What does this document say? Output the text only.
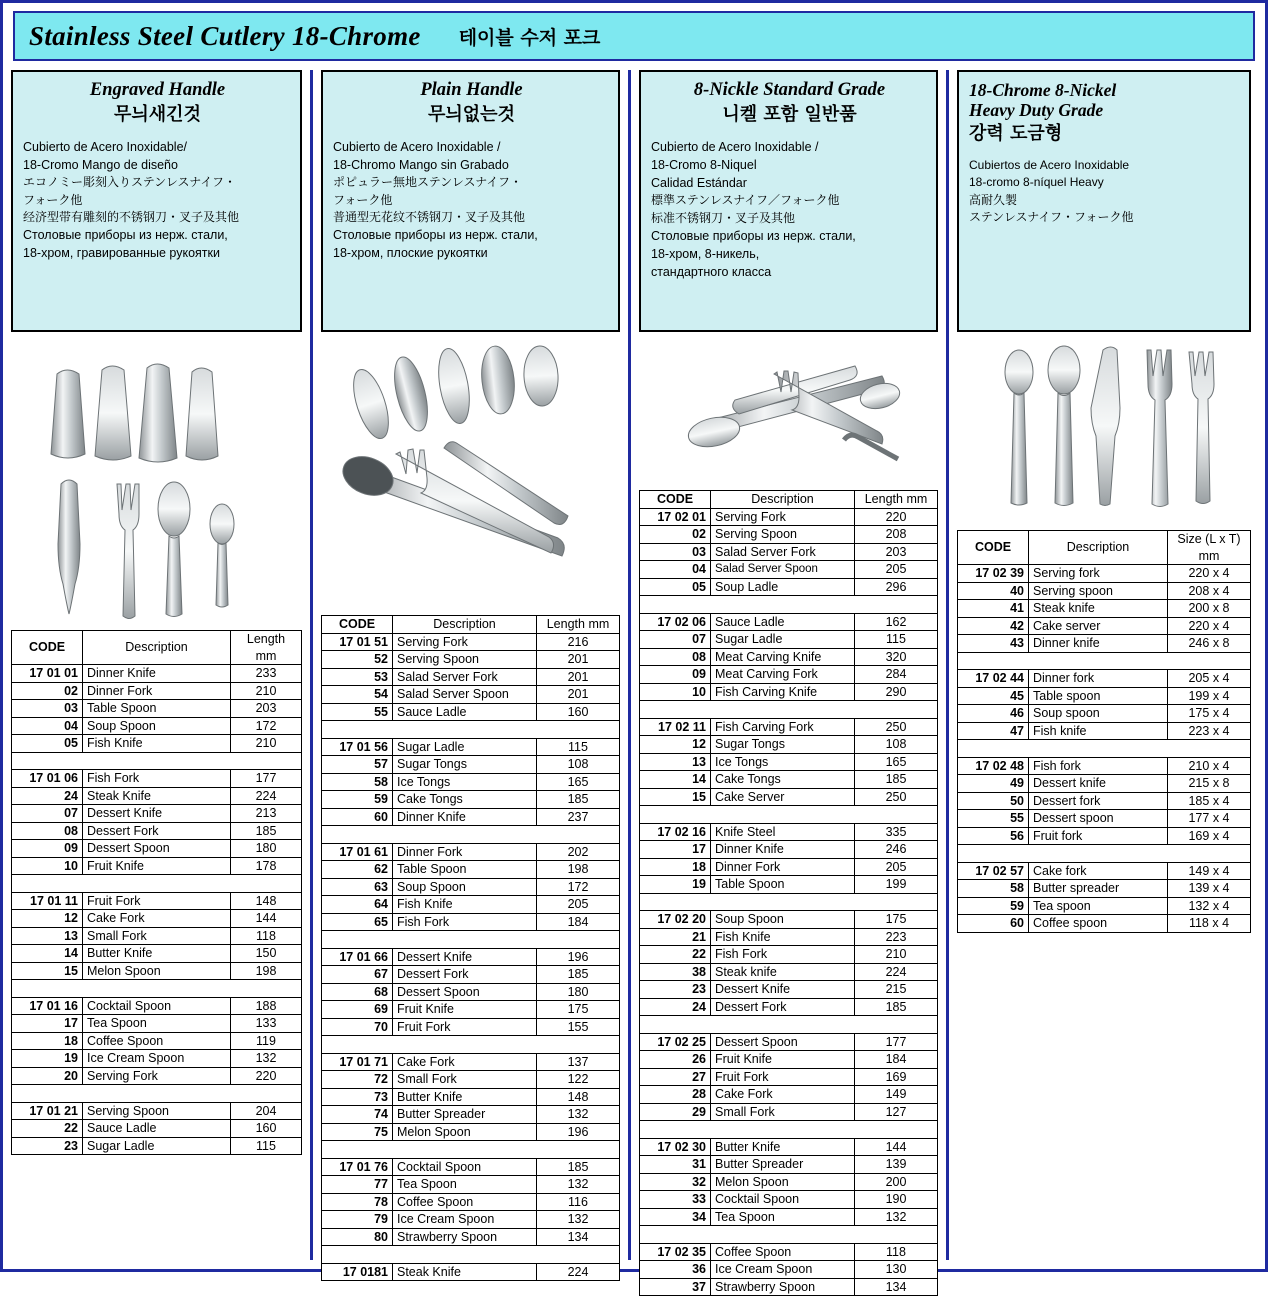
Stainless Steel Cutlery 18-Chrome 테이블 수저 포크
Engraved Handle
무늬새긴것
Cubierto de Acero Inoxidable/
18-Cromo Mango de diseño
エコノミー彫刻入りステンレスナイフ・
フォーク他
经济型带有雕刻的不锈钢刀・叉子及其他
Столовые приборы из нерж. стали,
18-хром, гравированные рукоятки
CODE	Description	Length mm
17 01 01	Dinner Knife	233
02	Dinner Fork	210
03	Table Spoon	203
04	Soup Spoon	172
05	Fish Knife	210

17 01 06	Fish Fork	177
24	Steak Knife	224
07	Dessert Knife	213
08	Dessert Fork	185
09	Dessert Spoon	180
10	Fruit Knife	178

17 01 11	Fruit Fork	148
12	Cake Fork	144
13	Small Fork	118
14	Butter Knife	150
15	Melon Spoon	198

17 01 16	Cocktail Spoon	188
17	Tea Spoon	133
18	Coffee Spoon	119
19	Ice Cream Spoon	132
20	Serving Fork	220

17 01 21	Serving Spoon	204
22	Sauce Ladle	160
23	Sugar Ladle	115
Plain Handle
무늬없는것
Cubierto de Acero Inoxidable /
18-Chromo Mango sin Grabado
ポピュラー無地ステンレスナイフ・
フォーク他
普通型无花纹不锈钢刀・叉子及其他
Столовые приборы из нерж. стали,
18-хром, плоские рукоятки
CODE	Description	Length mm
17 01 51	Serving Fork	216
52	Serving Spoon	201
53	Salad Server Fork	201
54	Salad Server Spoon	201
55	Sauce Ladle	160

17 01 56	Sugar Ladle	115
57	Sugar Tongs	108
58	Ice Tongs	165
59	Cake Tongs	185
60	Dinner Knife	237

17 01 61	Dinner Fork	202
62	Table Spoon	198
63	Soup Spoon	172
64	Fish Knife	205
65	Fish Fork	184

17 01 66	Dessert Knife	196
67	Dessert Fork	185
68	Dessert Spoon	180
69	Fruit Knife	175
70	Fruit Fork	155

17 01 71	Cake Fork	137
72	Small Fork	122
73	Butter Knife	148
74	Butter Spreader	132
75	Melon Spoon	196

17 01 76	Cocktail Spoon	185
77	Tea Spoon	132
78	Coffee Spoon	116
79	Ice Cream Spoon	132
80	Strawberry Spoon	134

17 0181	Steak Knife	224
8-Nickle Standard Grade
니켈 포함 일반품
Cubierto de Acero Inoxidable /
18-Cromo 8-Niquel
Calidad Estándar
標準ステンレスナイフ／フォーク他
标准不锈钢刀・叉子及其他
Столовые приборы из нерж. стали,
18-хром, 8-никель,
стандартного класса
CODE	Description	Length mm
17 02 01	Serving Fork	220
02	Serving Spoon	208
03	Salad Server Fork	203
04	Salad Server Spoon	205
05	Soup Ladle	296

17 02 06	Sauce Ladle	162
07	Sugar Ladle	115
08	Meat Carving Knife	320
09	Meat Carving Fork	284
10	Fish Carving Knife	290

17 02 11	Fish Carving Fork	250
12	Sugar Tongs	108
13	Ice Tongs	165
14	Cake Tongs	185
15	Cake Server	250

17 02 16	Knife Steel	335
17	Dinner Knife	246
18	Dinner Fork	205
19	Table Spoon	199

17 02 20	Soup Spoon	175
21	Fish Knife	223
22	Fish Fork	210
38	Steak knife	224
23	Dessert Knife	215
24	Dessert Fork	185

17 02 25	Dessert Spoon	177
26	Fruit Knife	184
27	Fruit Fork	169
28	Cake Fork	149
29	Small Fork	127

17 02 30	Butter Knife	144
31	Butter Spreader	139
32	Melon Spoon	200
33	Cocktail Spoon	190
34	Tea Spoon	132

17 02 35	Coffee Spoon	118
36	Ice Cream Spoon	130
37	Strawberry Spoon	134
18-Chrome 8-Nickel
Heavy Duty Grade
강력 도금형
Cubiertos de Acero Inoxidable
18-cromo 8-níquel Heavy
高耐久製
ステンレスナイフ・フォーク他
CODE	Description	Size (L x T)
mm
17 02 39	Serving fork	220 x 4
40	Serving spoon	208 x 4
41	Steak knife	200 x 8
42	Cake server	220 x 4
43	Dinner knife	246 x 8

17 02 44	Dinner fork	205 x 4
45	Table spoon	199 x 4
46	Soup spoon	175 x 4
47	Fish knife	223 x 4

17 02 48	Fish fork	210 x 4
49	Dessert knife	215 x 8
50	Dessert fork	185 x 4
55	Dessert spoon	177 x 4
56	Fruit fork	169 x 4

17 02 57	Cake fork	149 x 4
58	Butter spreader	139 x 4
59	Tea spoon	132 x 4
60	Coffee spoon	118 x 4
